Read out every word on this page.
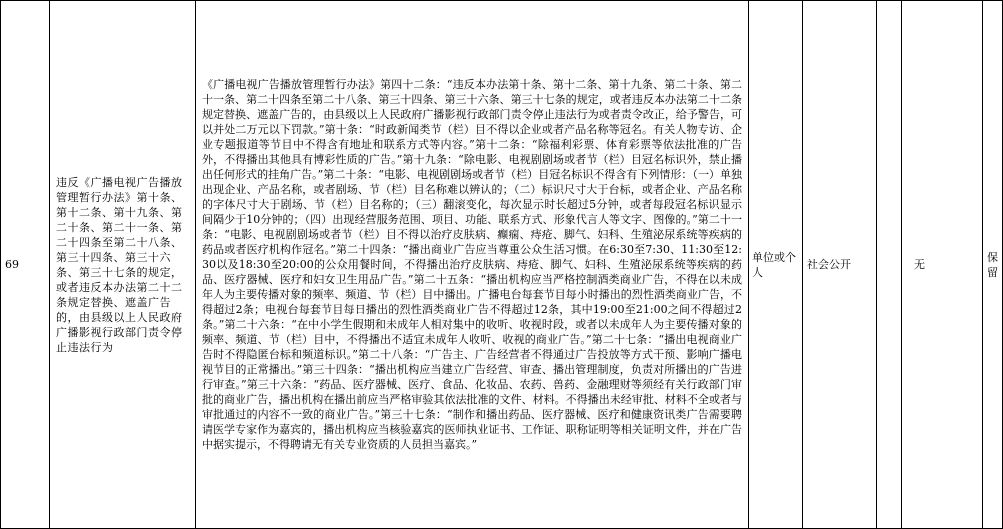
69	违反《广播电视广告播放管理暂行办法》第十条、第十二条、第十九条、第二十条、第二十一条、第二十四条至第二十八条、第三十四条、第三十六条、第三十七条的规定，或者违反本办法第二十二条规定替换、遮盖广告的，由县级以上人民政府广播影视行政部门责令停止违法行为	《广播电视广告播放管理暂行办法》第四十二条：“违反本办法第十条、第十二条、第十九条、第二十条、第二十一条、第二十四条至第二十八条、第三十四条、第三十六条、第三十七条的规定，或者违反本办法第二十二条规定替换、遮盖广告的，由县级以上人民政府广播影视行政部门责令停止违法行为或者责令改正，给予警告，可以并处二万元以下罚款。”第十条：“时政新闻类节（栏）目不得以企业或者产品名称等冠名。有关人物专访、企业专题报道等节目中不得含有地址和联系方式等内容。”第十二条：“除福利彩票、体育彩票等依法批准的广告外，不得播出其他具有博彩性质的广告。”第十九条：“除电影、电视剧剧场或者节（栏）目冠名标识外，禁止播出任何形式的挂角广告。”第二十条：“电影、电视剧剧场或者节（栏）目冠名标识不得含有下列情形：（一）单独出现企业、产品名称，或者剧场、节（栏）目名称难以辨认的；（二）标识尺寸大于台标，或者企业、产品名称的字体尺寸大于剧场、节（栏）目名称的；（三）翻滚变化，每次显示时长超过5分钟，或者每段冠名标识显示间隔少于10分钟的；（四）出现经营服务范围、项目、功能、联系方式、形象代言人等文字、图像的。”第二十一条：“电影、电视剧剧场或者节（栏）目不得以治疗皮肤病、癫痫、痔疮、脚气、妇科、生殖泌尿系统等疾病的药品或者医疗机构作冠名。”第二十四条：“播出商业广告应当尊重公众生活习惯。在6:30至7:30、11:30至12:30以及18:30至20:00的公众用餐时间，不得播出治疗皮肤病、痔疮、脚气、妇科、生殖泌尿系统等疾病的药品、医疗器械、医疗和妇女卫生用品广告。”第二十五条：“播出机构应当严格控制酒类商业广告，不得在以未成年人为主要传播对象的频率、频道、节（栏）目中播出。广播电台每套节目每小时播出的烈性酒类商业广告，不得超过2条；电视台每套节目每日播出的烈性酒类商业广告不得超过12条，其中19:00至21:00之间不得超过2条。”第二十六条：“在中小学生假期和未成年人相对集中的收听、收视时段，或者以未成年人为主要传播对象的频率、频道、节（栏）目中，不得播出不适宜未成年人收听、收视的商业广告。”第二十七条：“播出电视商业广告时不得隐匿台标和频道标识。”第二十八条：“广告主、广告经营者不得通过广告投放等方式干预、影响广播电视节目的正常播出。”第三十四条：“播出机构应当建立广告经营、审查、播出管理制度，负责对所播出的广告进行审查。”第三十六条：“药品、医疗器械、医疗、食品、化妆品、农药、兽药、金融理财等须经有关行政部门审批的商业广告，播出机构在播出前应当严格审验其依法批准的文件、材料。不得播出未经审批、材料不全或者与审批通过的内容不一致的商业广告。”第三十七条：“制作和播出药品、医疗器械、医疗和健康资讯类广告需要聘请医学专家作为嘉宾的，播出机构应当核验嘉宾的医师执业证书、工作证、职称证明等相关证明文件，并在广告中据实提示，不得聘请无有关专业资质的人员担当嘉宾。”	单位或个人	社会公开		无	保留
